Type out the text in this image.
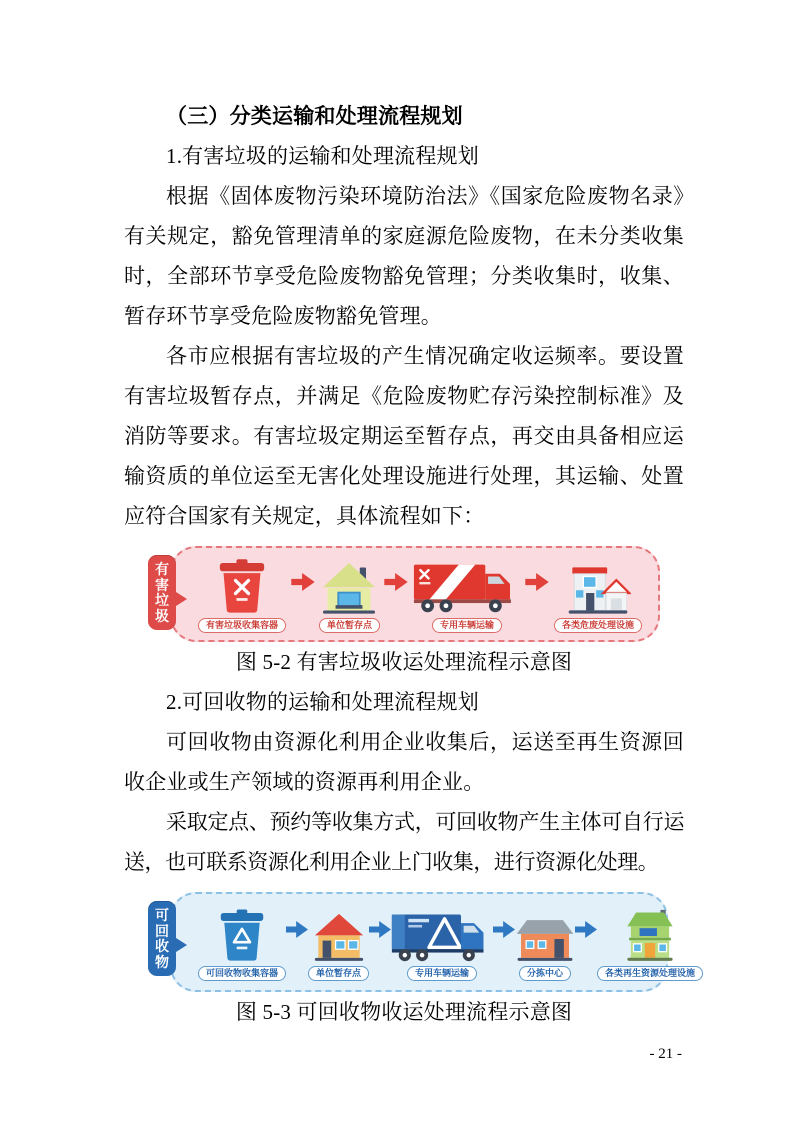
（三）分类运输和处理流程规划

1.有害垃圾的运输和处理流程规划

根据《固体废物污染环境防治法》《国家危险废物名录》有关规定，豁免管理清单的家庭源危险废物，在未分类收集时，全部环节享受危险废物豁免管理；分类收集时，收集、暂存环节享受危险废物豁免管理。

各市应根据有害垃圾的产生情况确定收运频率。要设置有害垃圾暂存点，并满足《危险废物贮存污染控制标准》及消防等要求。有害垃圾定期运至暂存点，再交由具备相应运输资质的单位运至无害化处理设施进行处理，其运输、处置应符合国家有关规定，具体流程如下：

有害垃圾
有害垃圾收集容器	单位暂存点	专用车辆运输	各类危废处理设施

图 5-2 有害垃圾收运处理流程示意图

2.可回收物的运输和处理流程规划

可回收物由资源化利用企业收集后，运送至再生资源回收企业或生产领域的资源再利用企业。

采取定点、预约等收集方式，可回收物产生主体可自行运送，也可联系资源化利用企业上门收集，进行资源化处理。

可回收物
可回收物收集容器	单位暂存点	专用车辆运输	分拣中心	各类再生资源处理设施

图 5-3 可回收物收运处理流程示意图

- 21 -
